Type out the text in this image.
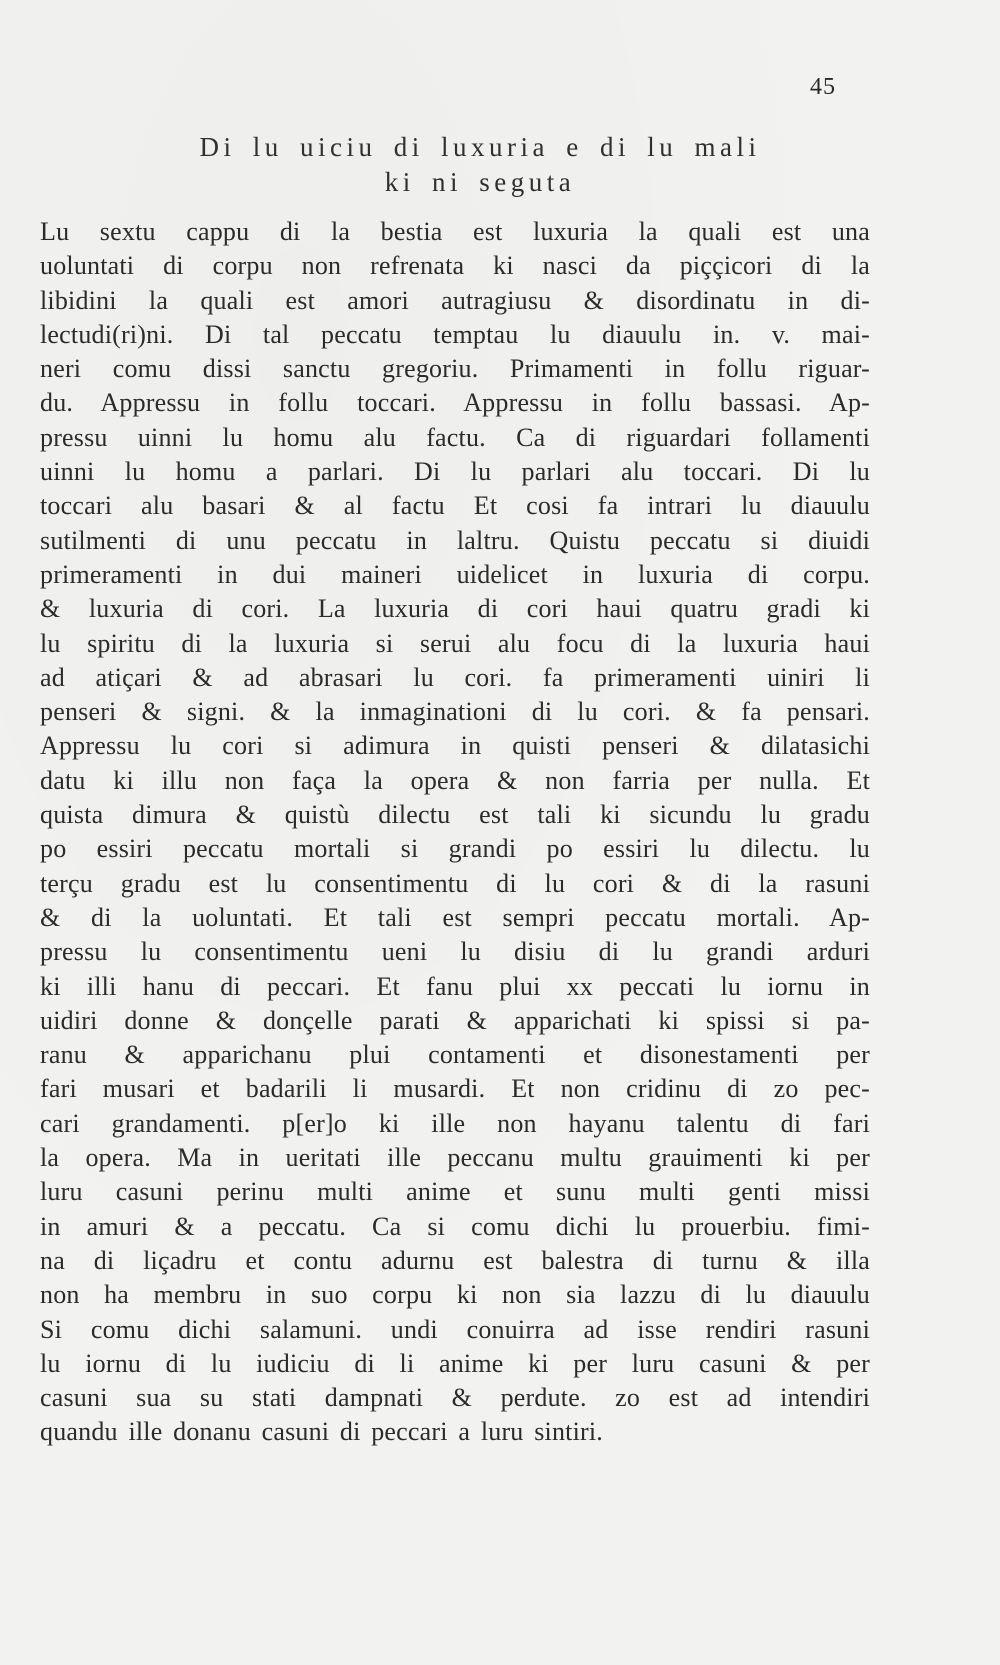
45
Di lu uiciu di luxuria e di lu mali
ki ni seguta
Lu sextu cappu di la bestia est luxuria la quali est una
uoluntati di corpu non refrenata ki nasci da piççicori di la
libidini la quali est amori autragiusu & disordinatu in di-
lectudi(ri)ni. Di tal peccatu temptau lu diauulu in. v. mai-
neri comu dissi sanctu gregoriu. Primamenti in follu riguar-
du. Appressu in follu toccari. Appressu in follu bassasi. Ap-
pressu uinni lu homu alu factu. Ca di riguardari follamenti
uinni lu homu a parlari. Di lu parlari alu toccari. Di lu
toccari alu basari & al factu Et cosi fa intrari lu diauulu
sutilmenti di unu peccatu in laltru. Quistu peccatu si diuidi
primeramenti in dui maineri uidelicet in luxuria di corpu.
& luxuria di cori. La luxuria di cori haui quatru gradi ki
lu spiritu di la luxuria si serui alu focu di la luxuria haui
ad atiçari & ad abrasari lu cori. fa primeramenti uiniri li
penseri & signi. & la inmaginationi di lu cori. & fa pensari.
Appressu lu cori si adimura in quisti penseri & dilatasichi
datu ki illu non faça la opera & non farria per nulla. Et
quista dimura & quistù dilectu est tali ki sicundu lu gradu
po essiri peccatu mortali si grandi po essiri lu dilectu. lu
terçu gradu est lu consentimentu di lu cori & di la rasuni
& di la uoluntati. Et tali est sempri peccatu mortali. Ap-
pressu lu consentimentu ueni lu disiu di lu grandi arduri
ki illi hanu di peccari. Et fanu plui xx peccati lu iornu in
uidiri donne & donçelle parati & apparichati ki spissi si pa-
ranu & apparichanu plui contamenti et disonestamenti per
fari musari et badarili li musardi. Et non cridinu di zo pec-
cari grandamenti. p[er]o ki ille non hayanu talentu di fari
la opera. Ma in ueritati ille peccanu multu grauimenti ki per
luru casuni perinu multi anime et sunu multi genti missi
in amuri & a peccatu. Ca si comu dichi lu prouerbiu. fimi-
na di liçadru et contu adurnu est balestra di turnu & illa
non ha membru in suo corpu ki non sia lazzu di lu diauulu
Si comu dichi salamuni. undi conuirra ad isse rendiri rasuni
lu iornu di lu iudiciu di li anime ki per luru casuni & per
casuni sua su stati dampnati & perdute. zo est ad intendiri
quandu ille donanu casuni di peccari a luru sintiri.
